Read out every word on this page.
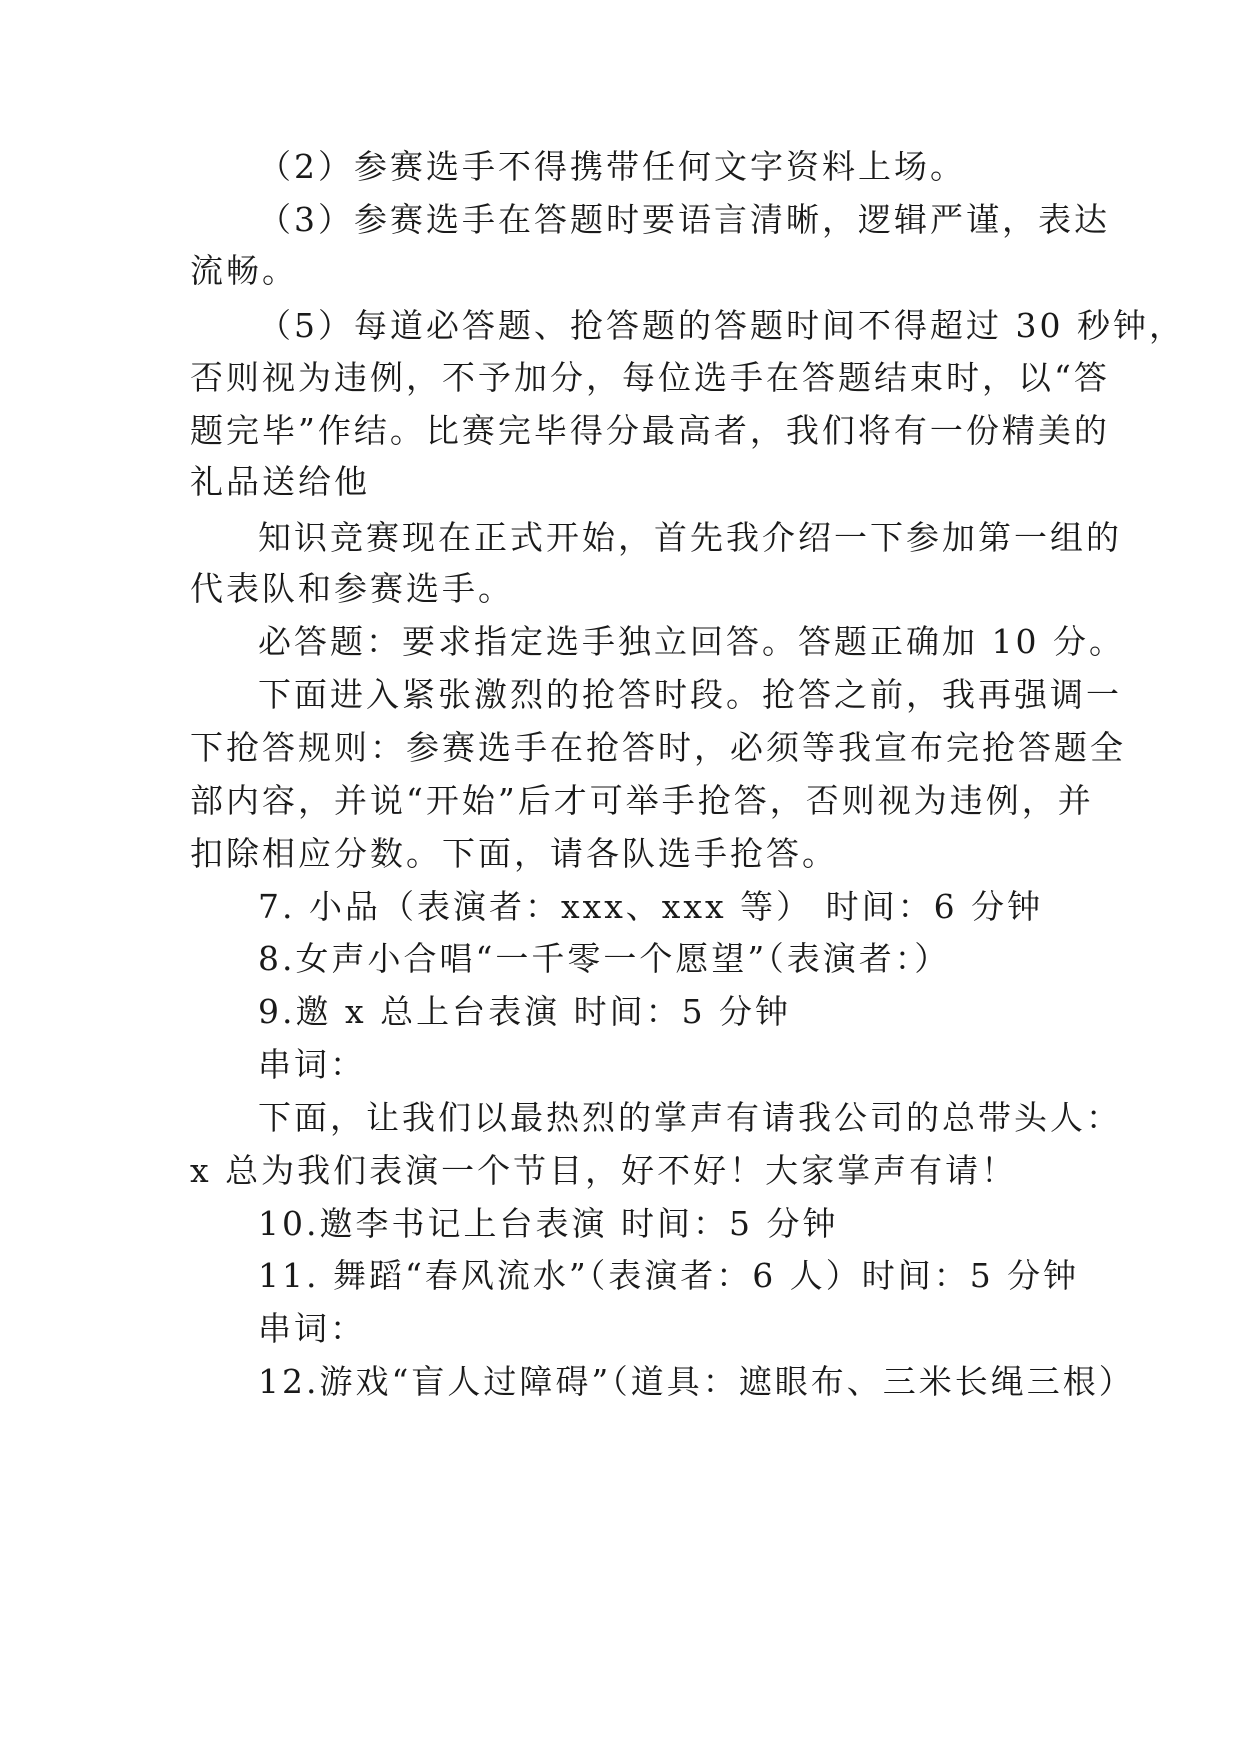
（2）参赛选手不得携带任何文字资料上场。
（3）参赛选手在答题时要语言清晰，逻辑严谨，表达
流畅。
（5）每道必答题、抢答题的答题时间不得超过 30 秒钟，
否则视为违例，不予加分，每位选手在答题结束时，以“答
题完毕”作结。比赛完毕得分最高者，我们将有一份精美的
礼品送给他
知识竞赛现在正式开始，首先我介绍一下参加第一组的
代表队和参赛选手。
必答题：要求指定选手独立回答。答题正确加 10 分。
下面进入紧张激烈的抢答时段。抢答之前，我再强调一
下抢答规则：参赛选手在抢答时，必须等我宣布完抢答题全
部内容，并说“开始”后才可举手抢答，否则视为违例，并
扣除相应分数。下面，请各队选手抢答。
7. 小品（表演者：xxx、xxx 等） 时间：6 分钟
8.女声小合唱“一千零一个愿望”（表演者：）
9.邀 x 总上台表演 时间：5 分钟
串词：
下面，让我们以最热烈的掌声有请我公司的总带头人：
x 总为我们表演一个节目，好不好！大家掌声有请！
10.邀李书记上台表演 时间：5 分钟
11. 舞蹈“春风流水”（表演者：6 人）时间：5 分钟
串词：
12.游戏“盲人过障碍”（道具：遮眼布、三米长绳三根）
